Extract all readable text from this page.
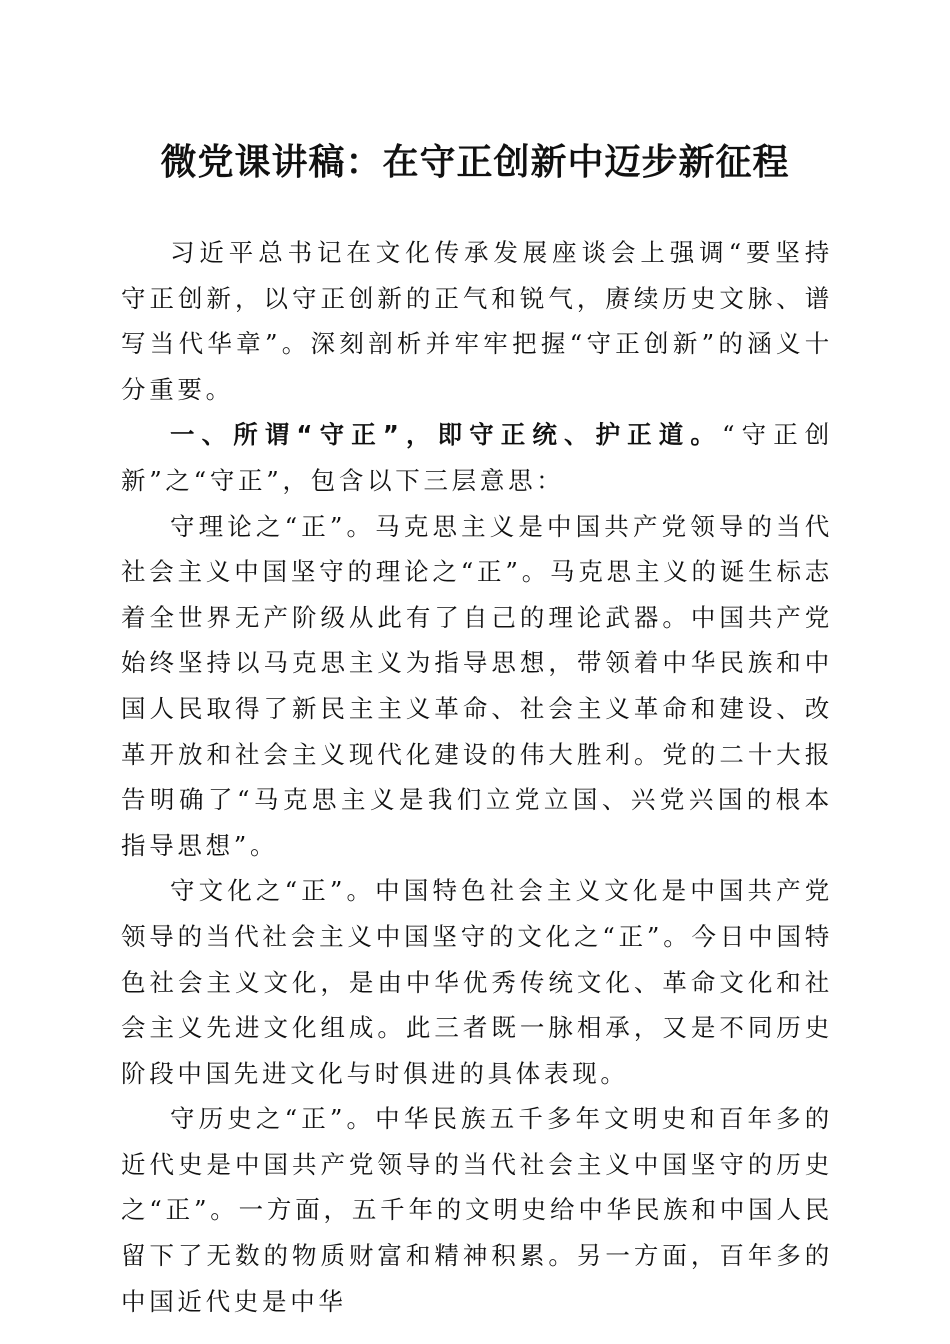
微党课讲稿：在守正创新中迈步新征程

习近平总书记在文化传承发展座谈会上强调“要坚持守正创新，以守正创新的正气和锐气，赓续历史文脉、谱写当代华章”。深刻剖析并牢牢把握“守正创新”的涵义十分重要。

一、所谓“守正”，即守正统、护正道。“守正创新”之“守正”，包含以下三层意思：

守理论之“正”。马克思主义是中国共产党领导的当代社会主义中国坚守的理论之“正”。马克思主义的诞生标志着全世界无产阶级从此有了自己的理论武器。中国共产党始终坚持以马克思主义为指导思想，带领着中华民族和中国人民取得了新民主主义革命、社会主义革命和建设、改革开放和社会主义现代化建设的伟大胜利。党的二十大报告明确了“马克思主义是我们立党立国、兴党兴国的根本指导思想”。

守文化之“正”。中国特色社会主义文化是中国共产党领导的当代社会主义中国坚守的文化之“正”。今日中国特色社会主义文化，是由中华优秀传统文化、革命文化和社会主义先进文化组成。此三者既一脉相承，又是不同历史阶段中国先进文化与时俱进的具体表现。

守历史之“正”。中华民族五千多年文明史和百年多的近代史是中国共产党领导的当代社会主义中国坚守的历史之“正”。一方面，五千年的文明史给中华民族和中国人民留下了无数的物质财富和精神积累。另一方面，百年多的中国近代史是中华
